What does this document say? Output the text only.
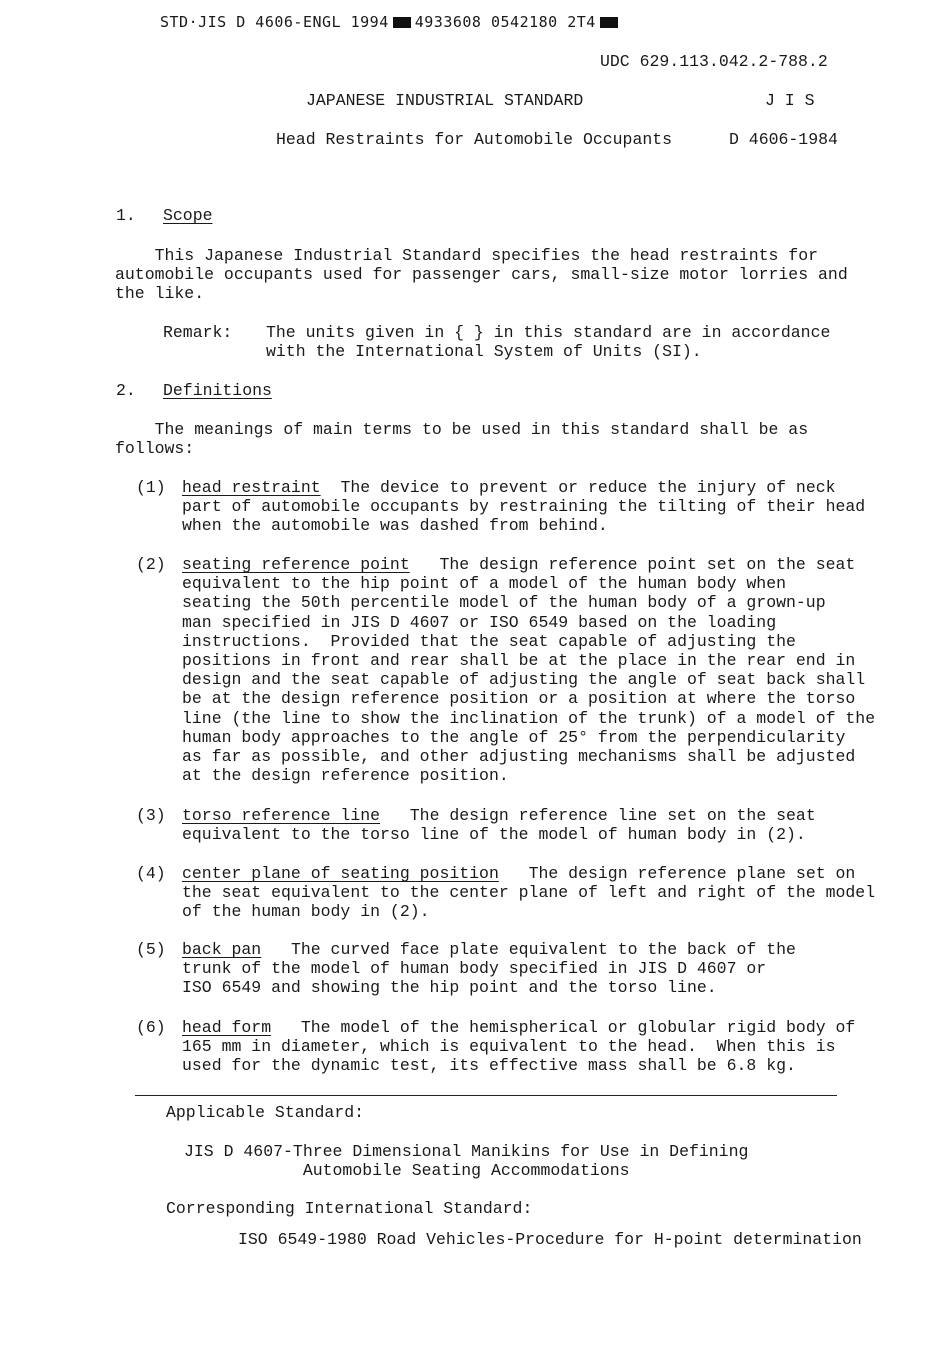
STD·JIS D 4606-ENGL 1994 4933608 0542180 2T4
UDC 629.113.042.2-788.2
JAPANESE INDUSTRIAL STANDARD	J I S
Head Restraints for Automobile Occupants	D 4606-1984
1. Scope
This Japanese Industrial Standard specifies the head restraints for
automobile occupants used for passenger cars, small-size motor lorries and
the like.
Remark: The units given in { } in this standard are in accordance
with the International System of Units (SI).
2. Definitions
The meanings of main terms to be used in this standard shall be as
follows:
(1) head restraint The device to prevent or reduce the injury of neck
part of automobile occupants by restraining the tilting of their head
when the automobile was dashed from behind.
(2) seating reference point The design reference point set on the seat
equivalent to the hip point of a model of the human body when
seating the 50th percentile model of the human body of a grown-up
man specified in JIS D 4607 or ISO 6549 based on the loading
instructions.  Provided that the seat capable of adjusting the
positions in front and rear shall be at the place in the rear end in
design and the seat capable of adjusting the angle of seat back shall
be at the design reference position or a position at where the torso
line (the line to show the inclination of the trunk) of a model of the
human body approaches to the angle of 25° from the perpendicularity
as far as possible, and other adjusting mechanisms shall be adjusted
at the design reference position.
(3) torso reference line The design reference line set on the seat
equivalent to the torso line of the model of human body in (2).
(4) center plane of seating position The design reference plane set on
the seat equivalent to the center plane of left and right of the model
of the human body in (2).
(5) back pan The curved face plate equivalent to the back of the
trunk of the model of human body specified in JIS D 4607 or
ISO 6549 and showing the hip point and the torso line.
(6) head form The model of the hemispherical or globular rigid body of
165 mm in diameter, which is equivalent to the head.  When this is
used for the dynamic test, its effective mass shall be 6.8 kg.
Applicable Standard:
JIS D 4607-Three Dimensional Manikins for Use in Defining
Automobile Seating Accommodations
Corresponding International Standard:
ISO 6549-1980 Road Vehicles-Procedure for H-point determination
